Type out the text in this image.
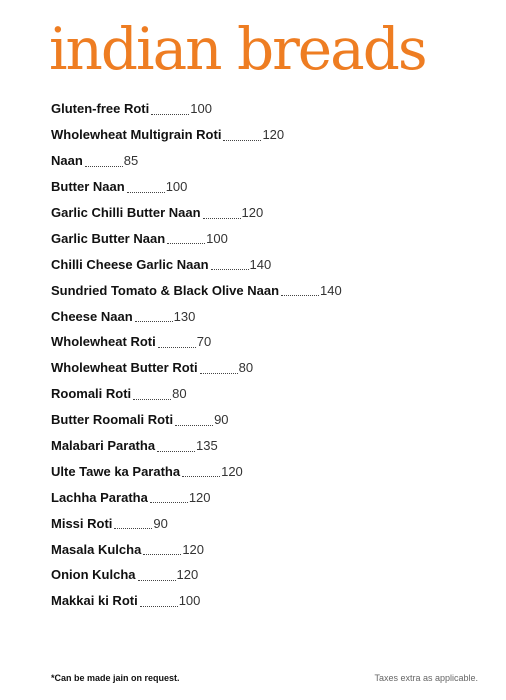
indian breads
Gluten-free Roti	100
Wholewheat Multigrain Roti	120
Naan	85
Butter Naan	100
Garlic Chilli Butter Naan	120
Garlic Butter Naan	100
Chilli Cheese Garlic Naan	140
Sundried Tomato & Black Olive Naan	140
Cheese Naan	130
Wholewheat Roti	70
Wholewheat Butter Roti	80
Roomali Roti	80
Butter Roomali Roti	90
Malabari Paratha	135
Ulte Tawe ka Paratha	120
Lachha Paratha	120
Missi Roti	90
Masala Kulcha	120
Onion Kulcha	120
Makkai ki Roti	100
*Can be made jain on request.	Taxes extra as applicable.
